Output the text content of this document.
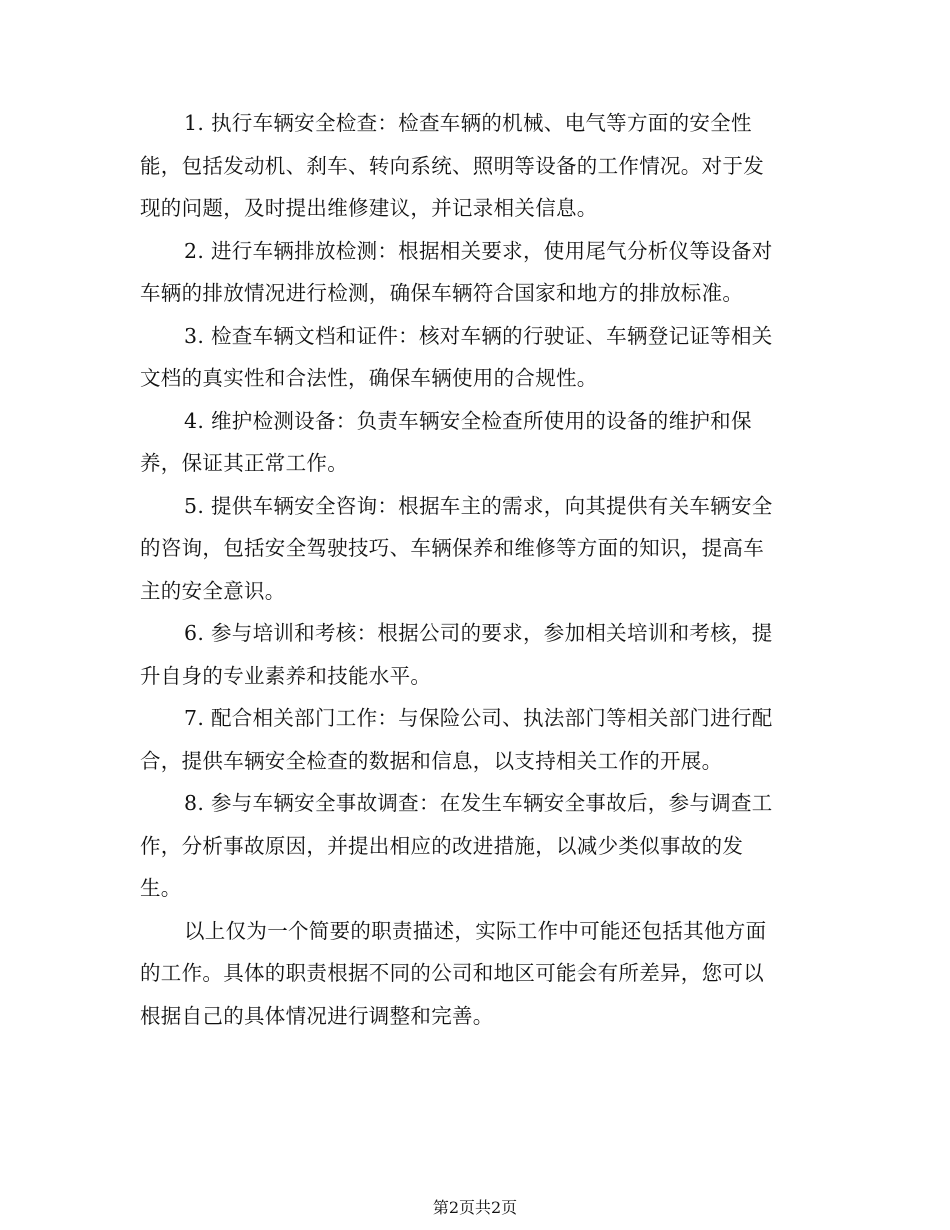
1. 执行车辆安全检查：检查车辆的机械、电气等方面的安全性
能，包括发动机、刹车、转向系统、照明等设备的工作情况。对于发
现的问题，及时提出维修建议，并记录相关信息。
2. 进行车辆排放检测：根据相关要求，使用尾气分析仪等设备对
车辆的排放情况进行检测，确保车辆符合国家和地方的排放标准。
3. 检查车辆文档和证件：核对车辆的行驶证、车辆登记证等相关
文档的真实性和合法性，确保车辆使用的合规性。
4. 维护检测设备：负责车辆安全检查所使用的设备的维护和保
养，保证其正常工作。
5. 提供车辆安全咨询：根据车主的需求，向其提供有关车辆安全
的咨询，包括安全驾驶技巧、车辆保养和维修等方面的知识，提高车
主的安全意识。
6. 参与培训和考核：根据公司的要求，参加相关培训和考核，提
升自身的专业素养和技能水平。
7. 配合相关部门工作：与保险公司、执法部门等相关部门进行配
合，提供车辆安全检查的数据和信息，以支持相关工作的开展。
8. 参与车辆安全事故调查：在发生车辆安全事故后，参与调查工
作，分析事故原因，并提出相应的改进措施，以减少类似事故的发
生。
以上仅为一个简要的职责描述，实际工作中可能还包括其他方面
的工作。具体的职责根据不同的公司和地区可能会有所差异，您可以
根据自己的具体情况进行调整和完善。
第2页共2页
